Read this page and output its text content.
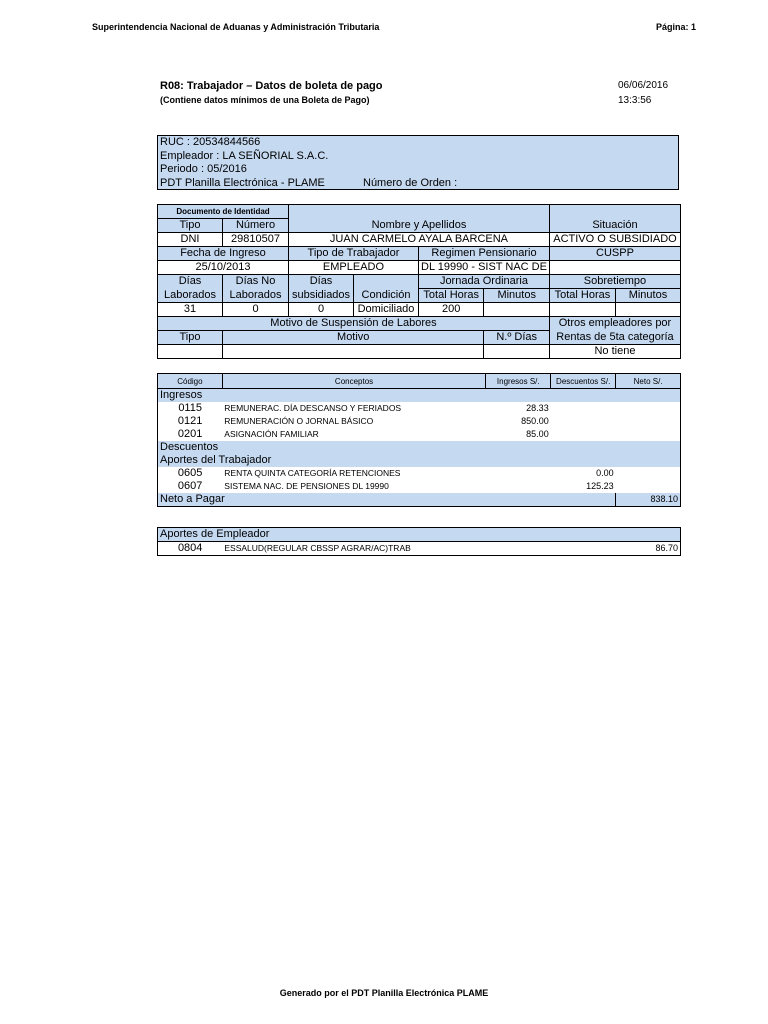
Superintendencia Nacional de Aduanas y Administración Tributaria	Página: 1
R08: Trabajador – Datos de boleta de pago
(Contiene datos mínimos de una Boleta de Pago)
06/06/2016
13:3:56
RUC : 20534844566
Empleador : LA SEÑORIAL S.A.C.
Periodo : 05/2016
PDT Planilla Electrónica - PLAME	Número de Orden :
Documento de Identidad		Nombre y Apellidos				Situación	
Tipo	Número						
DNI	29810507	JUAN CARMELO AYALA BARCENA				ACTIVO O SUBSIDIADO	
Fecha de Ingreso		Tipo de Trabajador		Regimen Pensionario		CUSPP	
25/10/2013		EMPLEADO		DL 19990 - SIST NAC DE			
Días	Días No	Días		Jornada Ordinaria		Sobretiempo	
Laborados	Laborados	subsidiados	Condición	Total Horas	Minutos	Total Horas	Minutos
31	0	0	Domiciliado	200			
Motivo de Suspensión de Labores						Otros empleadores por	
Tipo	Motivo				N.º Días	Rentas de 5ta categoría	
						No tiene	
Código	Conceptos	Ingresos S/.	Descuentos S/.	Neto S/.
Ingresos				
0115	REMUNERAC. DÍA DESCANSO Y FERIADOS	28.33		
0121	REMUNERACIÓN O JORNAL BÁSICO	850.00		
0201	ASIGNACIÓN FAMILIAR	85.00		
Descuentos				
Aportes del Trabajador				
0605	RENTA QUINTA CATEGORÍA RETENCIONES		0.00	
0607	SISTEMA NAC. DE PENSIONES DL 19990		125.23	
Neto a Pagar				838.10
Aportes de Empleador
0804	ESSALUD(REGULAR CBSSP AGRAR/AC)TRAB	86.70
Generado por el PDT Planilla Electrónica PLAME
